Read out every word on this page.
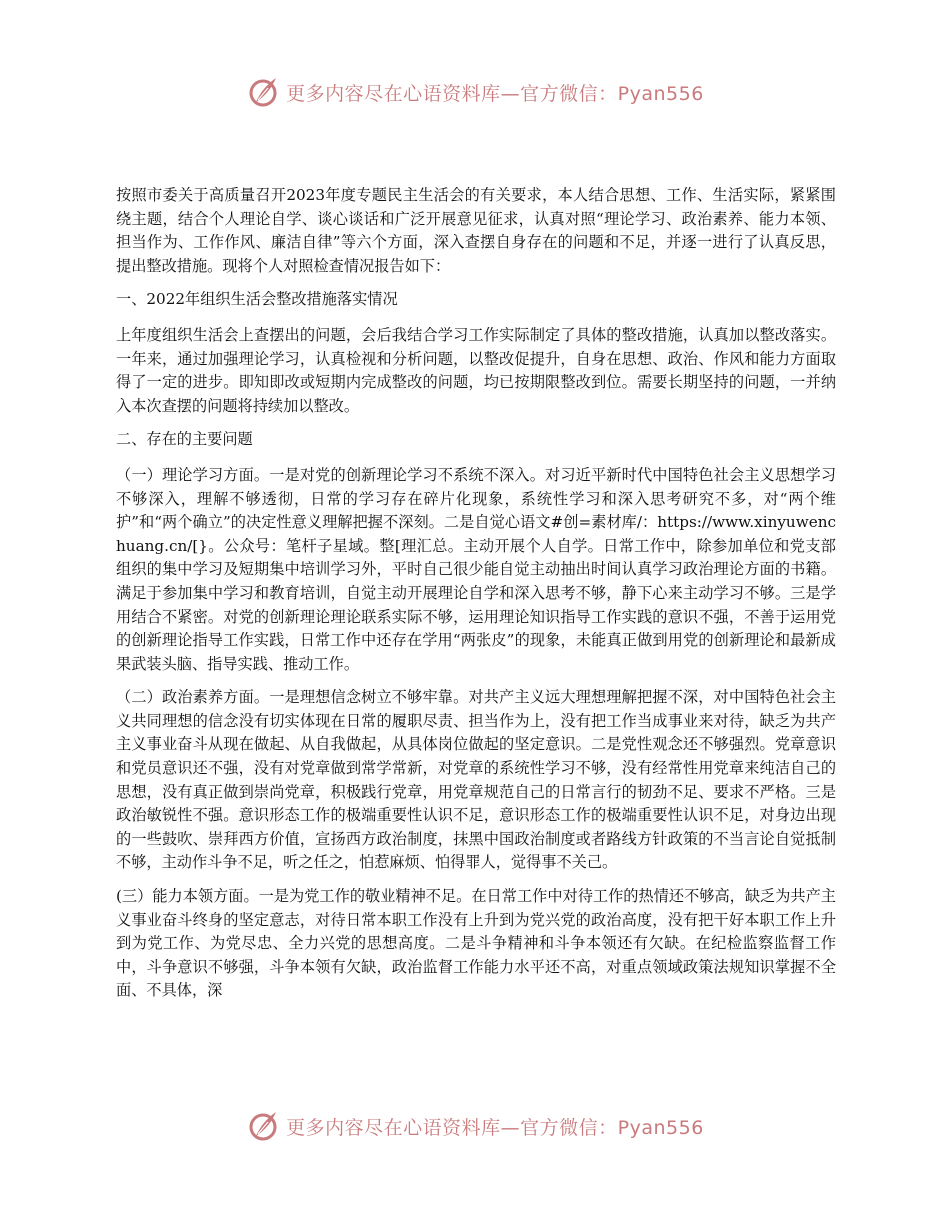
更多内容尽在心语资料库—官方微信：Pyan556

按照市委关于高质量召开2023年度专题民主生活会的有关要求，本人结合思想、工作、生活实际，紧紧围绕主题，结合个人理论自学、谈心谈话和广泛开展意见征求，认真对照“理论学习、政治素养、能力本领、担当作为、工作作风、廉洁自律”等六个方面，深入查摆自身存在的问题和不足，并逐一进行了认真反思，提出整改措施。现将个人对照检查情况报告如下：

一、2022年组织生活会整改措施落实情况

上年度组织生活会上查摆出的问题，会后我结合学习工作实际制定了具体的整改措施，认真加以整改落实。一年来，通过加强理论学习，认真检视和分析问题，以整改促提升，自身在思想、政治、作风和能力方面取得了一定的进步。即知即改或短期内完成整改的问题，均已按期限整改到位。需要长期坚持的问题，一并纳入本次查摆的问题将持续加以整改。

二、存在的主要问题

（一）理论学习方面。一是对党的创新理论学习不系统不深入。对习近平新时代中国特色社会主义思想学习不够深入，理解不够透彻，日常的学习存在碎片化现象，系统性学习和深入思考研究不多，对“两个维护”和“两个确立”的决定性意义理解把握不深刻。二是自觉心语文#创=素材库/：https://www.xinyuwenchuang.cn/[}。公众号：笔杆子星域。整[理汇总。主动开展个人自学。日常工作中，除参加单位和党支部组织的集中学习及短期集中培训学习外，平时自己很少能自觉主动抽出时间认真学习政治理论方面的书籍。满足于参加集中学习和教育培训，自觉主动开展理论自学和深入思考不够，静下心来主动学习不够。三是学用结合不紧密。对党的创新理论理论联系实际不够，运用理论知识指导工作实践的意识不强，不善于运用党的创新理论指导工作实践，日常工作中还存在学用“两张皮”的现象，未能真正做到用党的创新理论和最新成果武装头脑、指导实践、推动工作。

（二）政治素养方面。一是理想信念树立不够牢靠。对共产主义远大理想理解把握不深，对中国特色社会主义共同理想的信念没有切实体现在日常的履职尽责、担当作为上，没有把工作当成事业来对待，缺乏为共产主义事业奋斗从现在做起、从自我做起，从具体岗位做起的坚定意识。二是党性观念还不够强烈。党章意识和党员意识还不强，没有对党章做到常学常新，对党章的系统性学习不够，没有经常性用党章来纯洁自己的思想，没有真正做到崇尚党章，积极践行党章，用党章规范自己的日常言行的韧劲不足、要求不严格。三是政治敏锐性不强。意识形态工作的极端重要性认识不足，意识形态工作的极端重要性认识不足，对身边出现的一些鼓吹、崇拜西方价值，宣扬西方政治制度，抹黑中国政治制度或者路线方针政策的不当言论自觉抵制不够，主动作斗争不足，听之任之，怕惹麻烦、怕得罪人，觉得事不关己。

(三）能力本领方面。一是为党工作的敬业精神不足。在日常工作中对待工作的热情还不够高，缺乏为共产主义事业奋斗终身的坚定意志，对待日常本职工作没有上升到为党兴党的政治高度，没有把干好本职工作上升到为党工作、为党尽忠、全力兴党的思想高度。二是斗争精神和斗争本领还有欠缺。在纪检监察监督工作中，斗争意识不够强，斗争本领有欠缺，政治监督工作能力水平还不高，对重点领域政策法规知识掌握不全面、不具体，深

更多内容尽在心语资料库—官方微信：Pyan556
